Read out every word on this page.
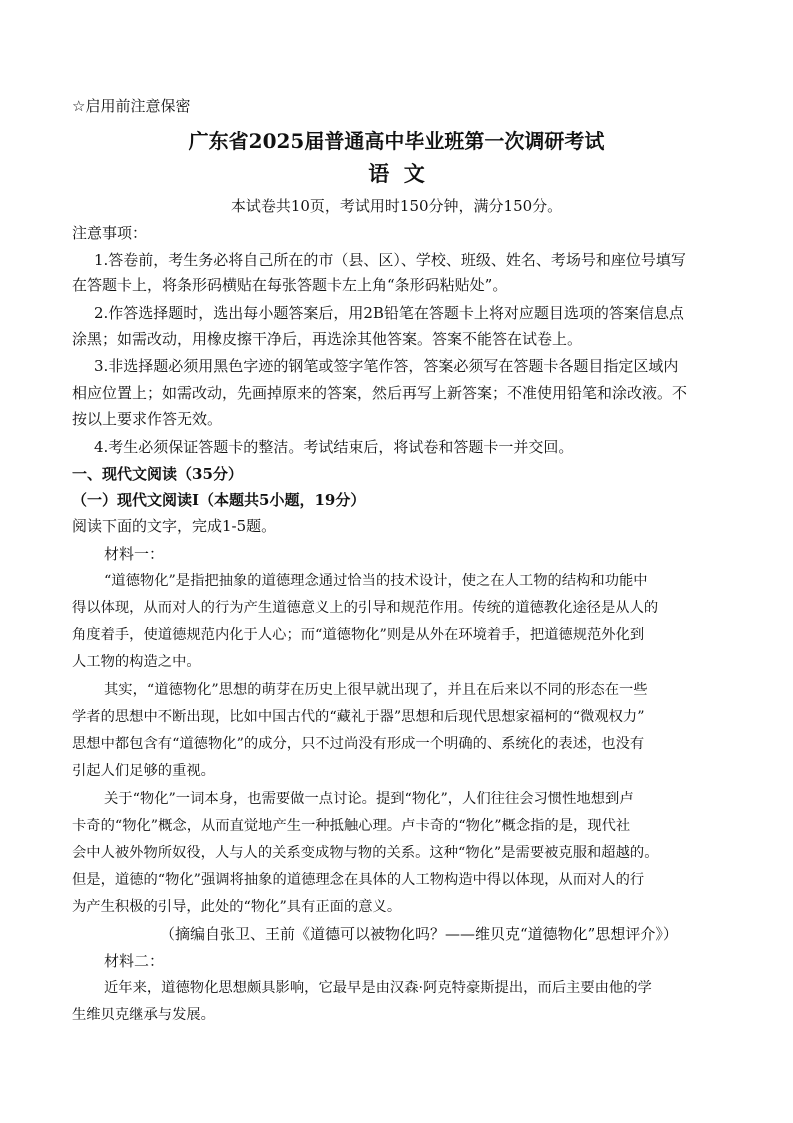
☆启用前注意保密
广东省2025届普通高中毕业班第一次调研考试
语  文
本试卷共10页，考试用时150分钟，满分150分。
注意事项：
1.答卷前，考生务必将自己所在的市（县、区）、学校、班级、姓名、考场号和座位号填写
在答题卡上，将条形码横贴在每张答题卡左上角“条形码粘贴处”。
2.作答选择题时，选出每小题答案后，用2B铅笔在答题卡上将对应题目选项的答案信息点
涂黑；如需改动，用橡皮擦干净后，再选涂其他答案。答案不能答在试卷上。
3.非选择题必须用黑色字迹的钢笔或签字笔作答，答案必须写在答题卡各题目指定区域内
相应位置上；如需改动，先画掉原来的答案，然后再写上新答案；不准使用铅笔和涂改液。不
按以上要求作答无效。
4.考生必须保证答题卡的整洁。考试结束后，将试卷和答题卡一并交回。
一、现代文阅读（35分）
（一）现代文阅读Ⅰ（本题共5小题，19分）
阅读下面的文字，完成1-5题。
材料一：
“道德物化”是指把抽象的道德理念通过恰当的技术设计，使之在人工物的结构和功能中
得以体现，从而对人的行为产生道德意义上的引导和规范作用。传统的道德教化途径是从人的
角度着手，使道德规范内化于人心；而“道德物化”则是从外在环境着手，把道德规范外化到
人工物的构造之中。
其实，“道德物化”思想的萌芽在历史上很早就出现了，并且在后来以不同的形态在一些
学者的思想中不断出现，比如中国古代的“藏礼于器”思想和后现代思想家福柯的“微观权力”
思想中都包含有“道德物化”的成分，只不过尚没有形成一个明确的、系统化的表述，也没有
引起人们足够的重视。
关于“物化”一词本身，也需要做一点讨论。提到“物化”，人们往往会习惯性地想到卢
卡奇的“物化”概念，从而直觉地产生一种抵触心理。卢卡奇的“物化”概念指的是，现代社
会中人被外物所奴役，人与人的关系变成物与物的关系。这种“物化”是需要被克服和超越的。
但是，道德的“物化”强调将抽象的道德理念在具体的人工物构造中得以体现，从而对人的行
为产生积极的引导，此处的“物化”具有正面的意义。
（摘编自张卫、王前《道德可以被物化吗？——维贝克“道德物化”思想评介》）
材料二：
近年来，道德物化思想颇具影响，它最早是由汉森·阿克特豪斯提出，而后主要由他的学
生维贝克继承与发展。
